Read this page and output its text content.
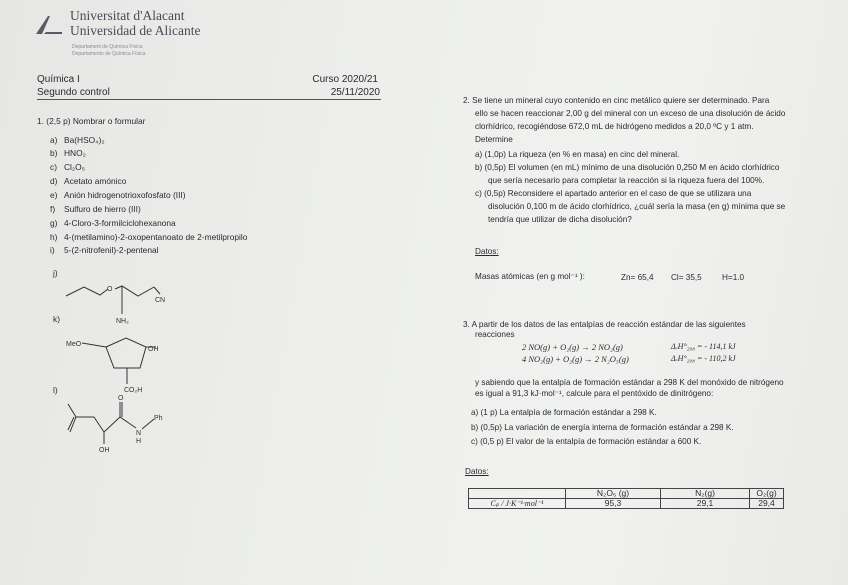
Universitat d'Alacant
Universidad de Alicante
Departament de Química Física
Departamento de Química Física
Química I
Segundo control
Curso 2020/21
25/11/2020
1. (2,5 p) Nombrar o formular
a) Ba(HSO₄)₂
b) HNO₂
c) Cl₂O₅
d) Acetato amónico
e) Anión hidrogenotrioxofosfato (III)
f) Sulfuro de hierro (III)
g) 4-Cloro-3-formilciclohexanona
h) 4-(metilamino)-2-oxopentanoato de 2-metilpropilo
i) 5-(2-nitrofenil)-2-pentenal
j)
O
CN
NH₂
k)
MeO
OH
CO₂H
l)
OH
O
N
H
Ph
2. Se tiene un mineral cuyo contenido en cinc metálico quiere ser determinado. Para
ello se hacen reaccionar 2,00 g del mineral con un exceso de una disolución de ácido
clorhídrico, recogiéndose 672,0 mL de hidrógeno medidos a 20,0 ºC y 1 atm.
Determine
a) (1,0p) La riqueza (en % en masa) en cinc del mineral.
b) (0,5p) El volumen (en mL) mínimo de una disolución 0,250 M en ácido clorhídrico
que sería necesario para completar la reacción si la riqueza fuera del 100%.
c) (0,5p) Reconsidere el apartado anterior en el caso de que se utilizara una
disolución 0,100 m de ácido clorhídrico, ¿cuál sería la masa (en g) mínima que se
tendría que utilizar de dicha disolución?
Datos:
Masas atómicas (en g mol⁻¹ ):	Zn= 65,4 Cl= 35,5 H=1.0
3. A partir de los datos de las entalpías de reacción estándar de las siguientes
reacciones
2 NO(g) + O₂(g) → 2 NO₂(g)	ΔᵣH°₂₉₈ = - 114,1 kJ
4 NO₂(g) + O₂(g) → 2 N₂O₅(g)	ΔᵣH°₂₉₈ = - 110,2 kJ
y sabiendo que la entalpía de formación estándar a 298 K del monóxido de nitrógeno
es igual a 91,3 kJ·mol⁻¹, calcule para el pentóxido de dinitrógeno:
a) (1 p) La entalpía de formación estándar a 298 K.
b) (0,5p) La variación de energía interna de formación estándar a 298 K.
c) (0,5 p) El valor de la entalpía de formación estándar a 600 K.
Datos:
	N₂O₅ (g)	N₂(g)	O₂(g)
Cₚ / J·K⁻¹·mol⁻¹	95,3	29,1	29,4
